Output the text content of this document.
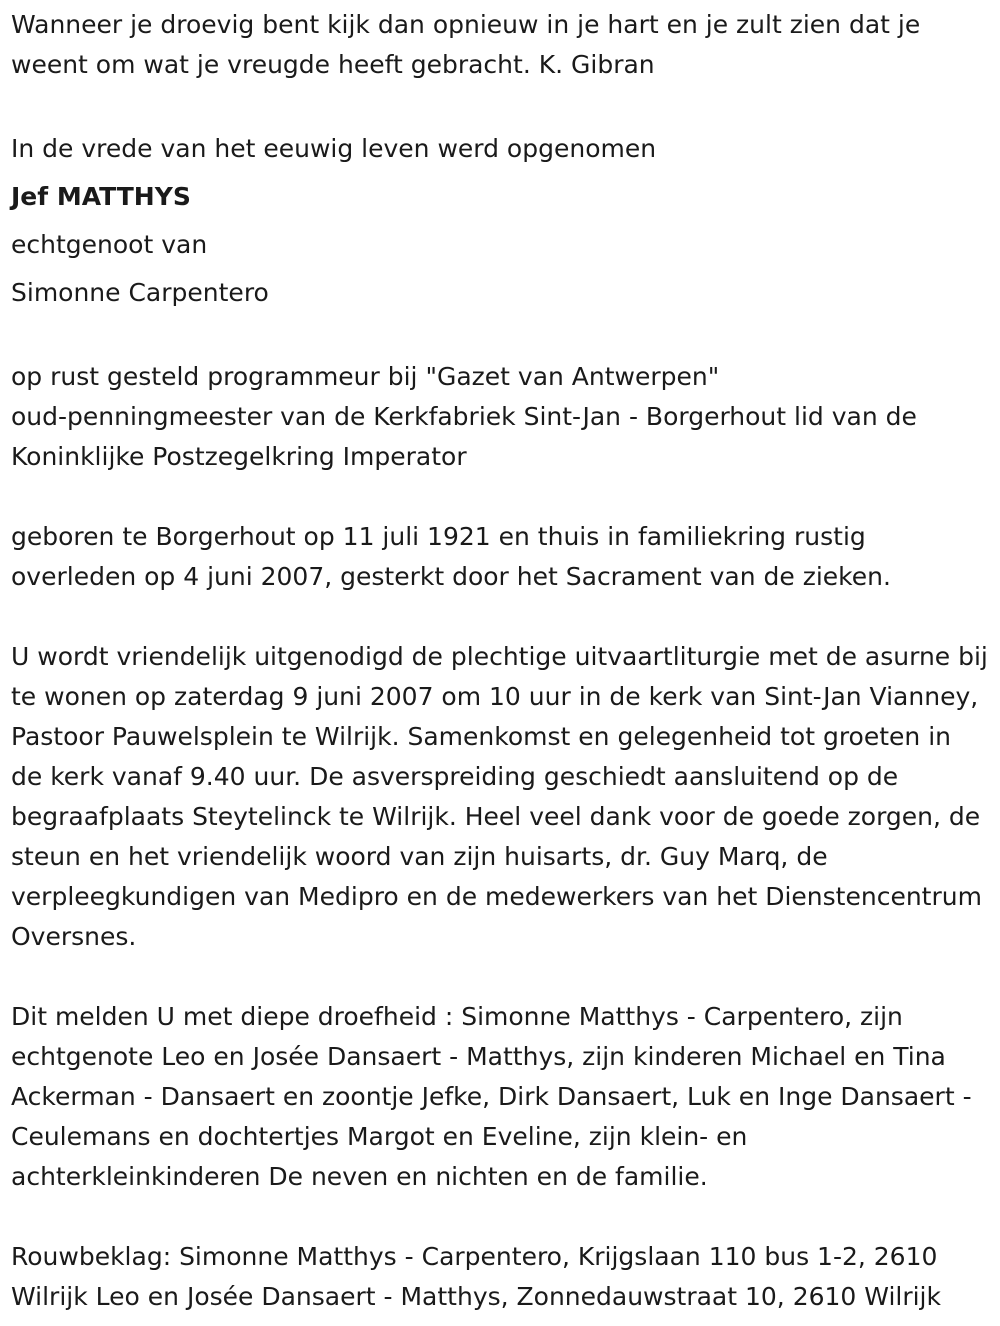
Wanneer je droevig bent kijk dan opnieuw in je hart en je zult zien dat je weent om wat je vreugde heeft gebracht. K. Gibran

In de vrede van het eeuwig leven werd opgenomen

Jef MATTHYS

echtgenoot van

Simonne Carpentero

op rust gesteld programmeur bij "Gazet van Antwerpen"

oud-penningmeester van de Kerkfabriek Sint-Jan - Borgerhout lid van de Koninklijke Postzegelkring Imperator

geboren te Borgerhout op 11 juli 1921 en thuis in familiekring rustig overleden op 4 juni 2007, gesterkt door het Sacrament van de zieken.

U wordt vriendelijk uitgenodigd de plechtige uitvaartliturgie met de asurne bij te wonen op zaterdag 9 juni 2007 om 10 uur in de kerk van Sint-Jan Vianney, Pastoor Pauwelsplein te Wilrijk. Samenkomst en gelegenheid tot groeten in de kerk vanaf 9.40 uur. De asverspreiding geschiedt aansluitend op de begraafplaats Steytelinck te Wilrijk. Heel veel dank voor de goede zorgen, de steun en het vriendelijk woord van zijn huisarts, dr. Guy Marq, de verpleegkundigen van Medipro en de medewerkers van het Dienstencentrum Oversnes.

Dit melden U met diepe droefheid : Simonne Matthys - Carpentero, zijn echtgenote Leo en Josée Dansaert - Matthys, zijn kinderen Michael en Tina Ackerman - Dansaert en zoontje Jefke, Dirk Dansaert, Luk en Inge Dansaert - Ceulemans en dochtertjes Margot en Eveline, zijn klein- en achterkleinkinderen De neven en nichten en de familie.

Rouwbeklag: Simonne Matthys - Carpentero, Krijgslaan 110 bus 1-2, 2610 Wilrijk Leo en Josée Dansaert - Matthys, Zonnedauwstraat 10, 2610 Wilrijk
